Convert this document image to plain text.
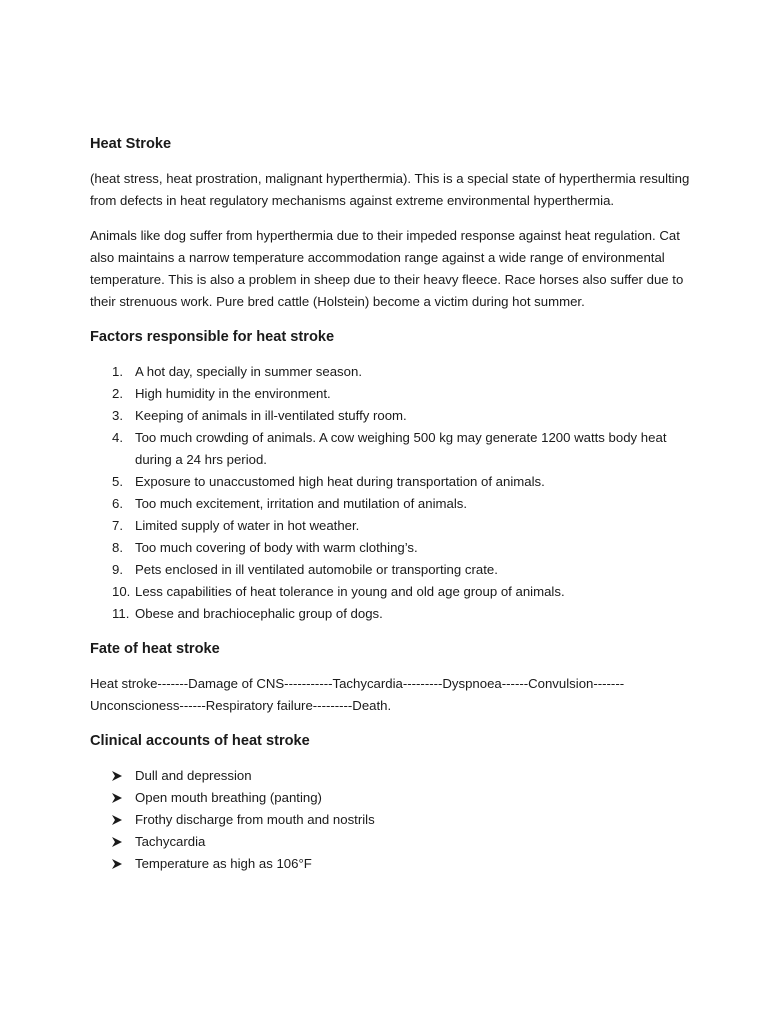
Heat Stroke

(heat stress, heat prostration, malignant hyperthermia). This is a special state of hyperthermia resulting from defects in heat regulatory mechanisms against extreme environmental hyperthermia.

Animals like dog suffer from hyperthermia due to their impeded response against heat regulation. Cat also maintains a narrow temperature accommodation range against a wide range of environmental temperature. This is also a problem in sheep due to their heavy fleece. Race horses also suffer due to their strenuous work. Pure bred cattle (Holstein) become a victim during hot summer.

Factors responsible for heat stroke
1. A hot day, specially in summer season.
2. High humidity in the environment.
3. Keeping of animals in ill-ventilated stuffy room.
4. Too much crowding of animals. A cow weighing 500 kg may generate 1200 watts body heat during a 24 hrs period.
5. Exposure to unaccustomed high heat during transportation of animals.
6. Too much excitement, irritation and mutilation of animals.
7. Limited supply of water in hot weather.
8. Too much covering of body with warm clothing’s.
9. Pets enclosed in ill ventilated automobile or transporting crate.
10. Less capabilities of heat tolerance in young and old age group of animals.
11. Obese and brachiocephalic group of dogs.
Fate of heat stroke

Heat stroke-------Damage of CNS-----------Tachycardia---------Dyspnoea------Convulsion------- Unconscioness------Respiratory failure---------Death.

Clinical accounts of heat stroke
Dull and depression
Open mouth breathing (panting)
Frothy discharge from mouth and nostrils
Tachycardia
Temperature as high as 106°F
